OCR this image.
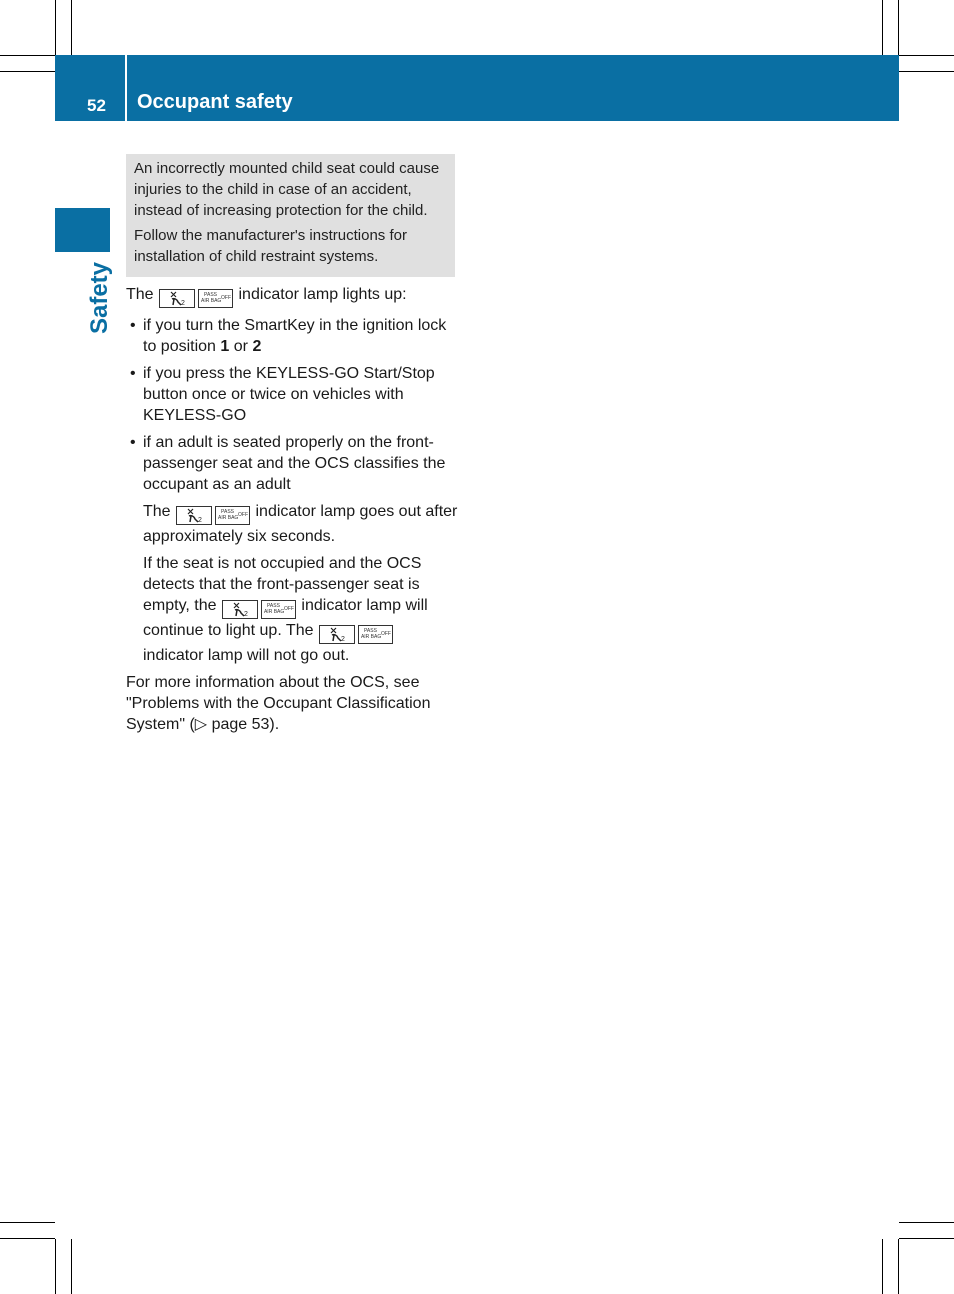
52 Occupant safety
Safety

An incorrectly mounted child seat could cause injuries to the child in case of an accident, instead of increasing protection for the child.

Follow the manufacturer's instructions for installation of child restraint systems.

The
2
PASS
AIR BAG OFF indicator lamp lights up:

• if you turn the SmartKey in the ignition lock to position 1 or 2
• if you press the KEYLESS-GO Start/Stop button once or twice on vehicles with KEYLESS-GO
• if an adult is seated properly on the front-passenger seat and the OCS classifies the occupant as an adult
The
2
PASS
AIR BAG OFF indicator lamp goes out after approximately six seconds.
If the seat is not occupied and the OCS detects that the front-passenger seat is empty, the
2
PASS
AIR BAG OFF indicator lamp will continue to light up. The
2
PASS
AIR BAG OFF
indicator lamp will not go out.

For more information about the OCS, see "Problems with the Occupant Classification System" (▷ page 53).
